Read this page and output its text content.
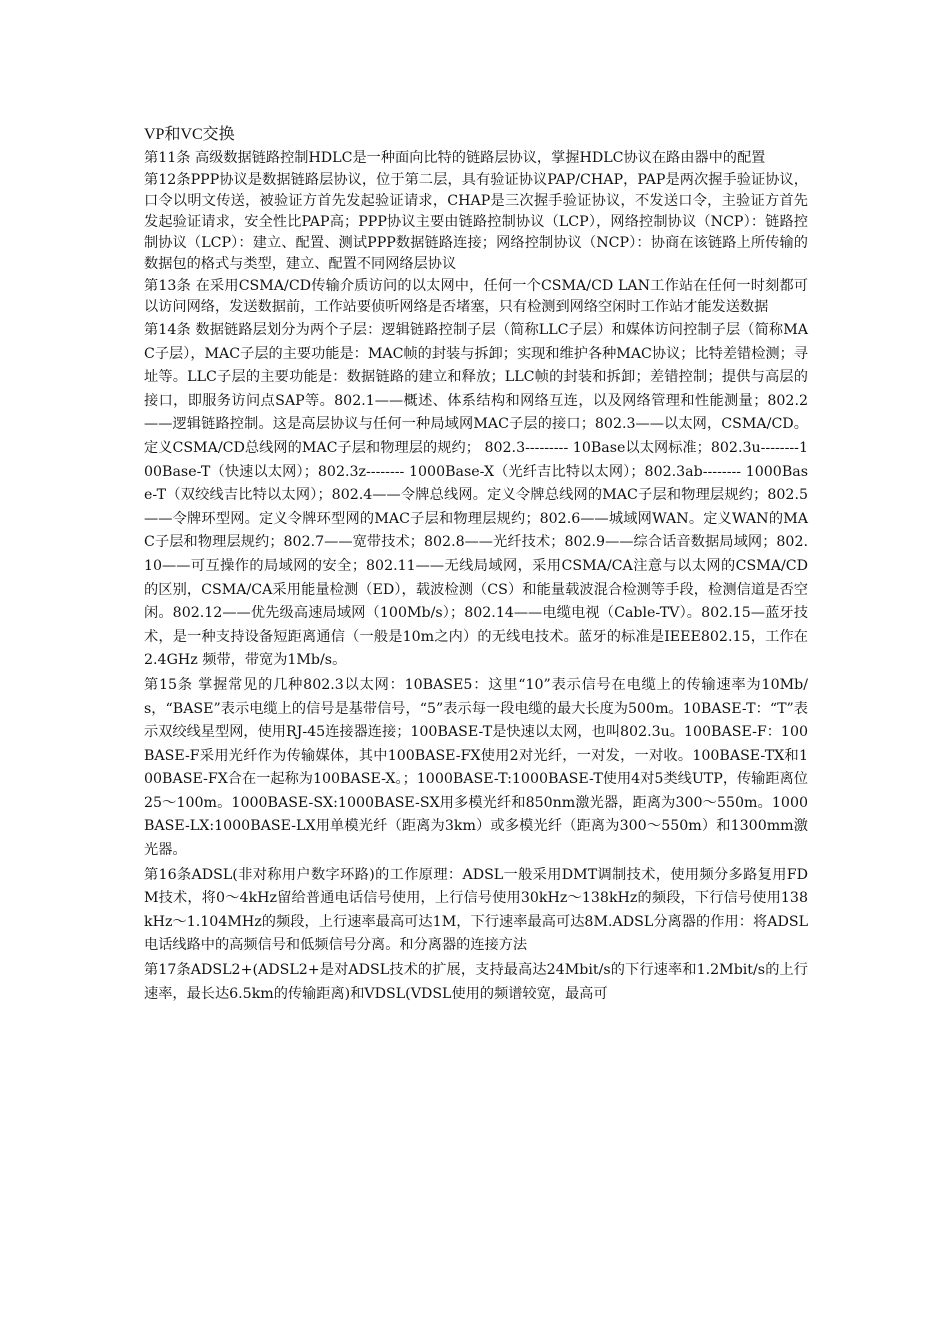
VP和VC交换

第11条 高级数据链路控制HDLC是一种面向比特的链路层协议，掌握HDLC协议在路由器中的配置

第12条PPP协议是数据链路层协议，位于第二层，具有验证协议PAP/CHAP，PAP是两次握手验证协议，口令以明文传送，被验证方首先发起验证请求，CHAP是三次握手验证协议，不发送口令，主验证方首先发起验证请求，安全性比PAP高；PPP协议主要由链路控制协议（LCP），网络控制协议（NCP）：链路控制协议（LCP）：建立、配置、测试PPP数据链路连接；网络控制协议（NCP）：协商在该链路上所传输的数据包的格式与类型，建立、配置不同网络层协议

第13条 在采用CSMA/CD传输介质访问的以太网中，任何一个CSMA/CD LAN工作站在任何一时刻都可以访问网络，发送数据前，工作站要侦听网络是否堵塞，只有检测到网络空闲时工作站才能发送数据

第14条 数据链路层划分为两个子层：逻辑链路控制子层（简称LLC子层）和媒体访问控制子层（简称MAC子层），MAC子层的主要功能是：MAC帧的封装与拆卸；实现和维护各种MAC协议；比特差错检测；寻址等。LLC子层的主要功能是：数据链路的建立和释放；LLC帧的封装和拆卸；差错控制；提供与高层的接口，即服务访问点SAP等。802.1——概述、体系结构和网络互连，以及网络管理和性能测量；802.2——逻辑链路控制。这是高层协议与任何一种局域网MAC子层的接口；802.3——以太网，CSMA/CD。定义CSMA/CD总线网的MAC子层和物理层的规约； 802.3--------- 10Base以太网标准；802.3u--------100Base-T（快速以太网）；802.3z-------- 1000Base-X（光纤吉比特以太网）；802.3ab-------- 1000Base-T（双绞线吉比特以太网）；802.4——令牌总线网。定义令牌总线网的MAC子层和物理层规约；802.5——令牌环型网。定义令牌环型网的MAC子层和物理层规约；802.6——城域网WAN。定义WAN的MAC子层和物理层规约；802.7——宽带技术；802.8——光纤技术；802.9——综合话音数据局域网；802.10——可互操作的局域网的安全；802.11——无线局域网，采用CSMA/CA注意与以太网的CSMA/CD的区别，CSMA/CA采用能量检测（ED），载波检测（CS）和能量载波混合检测等手段，检测信道是否空闲。802.12——优先级高速局域网（100Mb/s）；802.14——电缆电视（Cable-TV）。802.15—蓝牙技术，是一种支持设备短距离通信（一般是10m之内）的无线电技术。蓝牙的标准是IEEE802.15，工作在2.4GHz 频带，带宽为1Mb/s。

第15条 掌握常见的几种802.3以太网：10BASE5：这里“10”表示信号在电缆上的传输速率为10Mb/s，“BASE”表示电缆上的信号是基带信号，“5”表示每一段电缆的最大长度为500m。10BASE-T：“T”表示双绞线星型网，使用RJ-45连接器连接；100BASE-T是快速以太网，也叫802.3u。100BASE-F：100BASE-F采用光纤作为传输媒体，其中100BASE-FX使用2对光纤，一对发，一对收。100BASE-TX和100BASE-FX合在一起称为100BASE-X。；1000BASE-T:1000BASE-T使用4对5类线UTP，传输距离位25～100m。1000BASE-SX:1000BASE-SX用多模光纤和850nm激光器，距离为300～550m。1000BASE-LX:1000BASE-LX用单模光纤（距离为3km）或多模光纤（距离为300～550m）和1300mm激光器。

第16条ADSL(非对称用户数字环路)的工作原理：ADSL一般采用DMT调制技术，使用频分多路复用FDM技术，将0～4kHz留给普通电话信号使用，上行信号使用30kHz～138kHz的频段，下行信号使用138kHz～1.104MHz的频段，上行速率最高可达1M，下行速率最高可达8M.ADSL分离器的作用：将ADSL电话线路中的高频信号和低频信号分离。和分离器的连接方法

第17条ADSL2+(ADSL2+是对ADSL技术的扩展，支持最高达24Mbit/s的下行速率和1.2Mbit/s的上行速率，最长达6.5km的传输距离)和VDSL(VDSL使用的频谱较宽，最高可
